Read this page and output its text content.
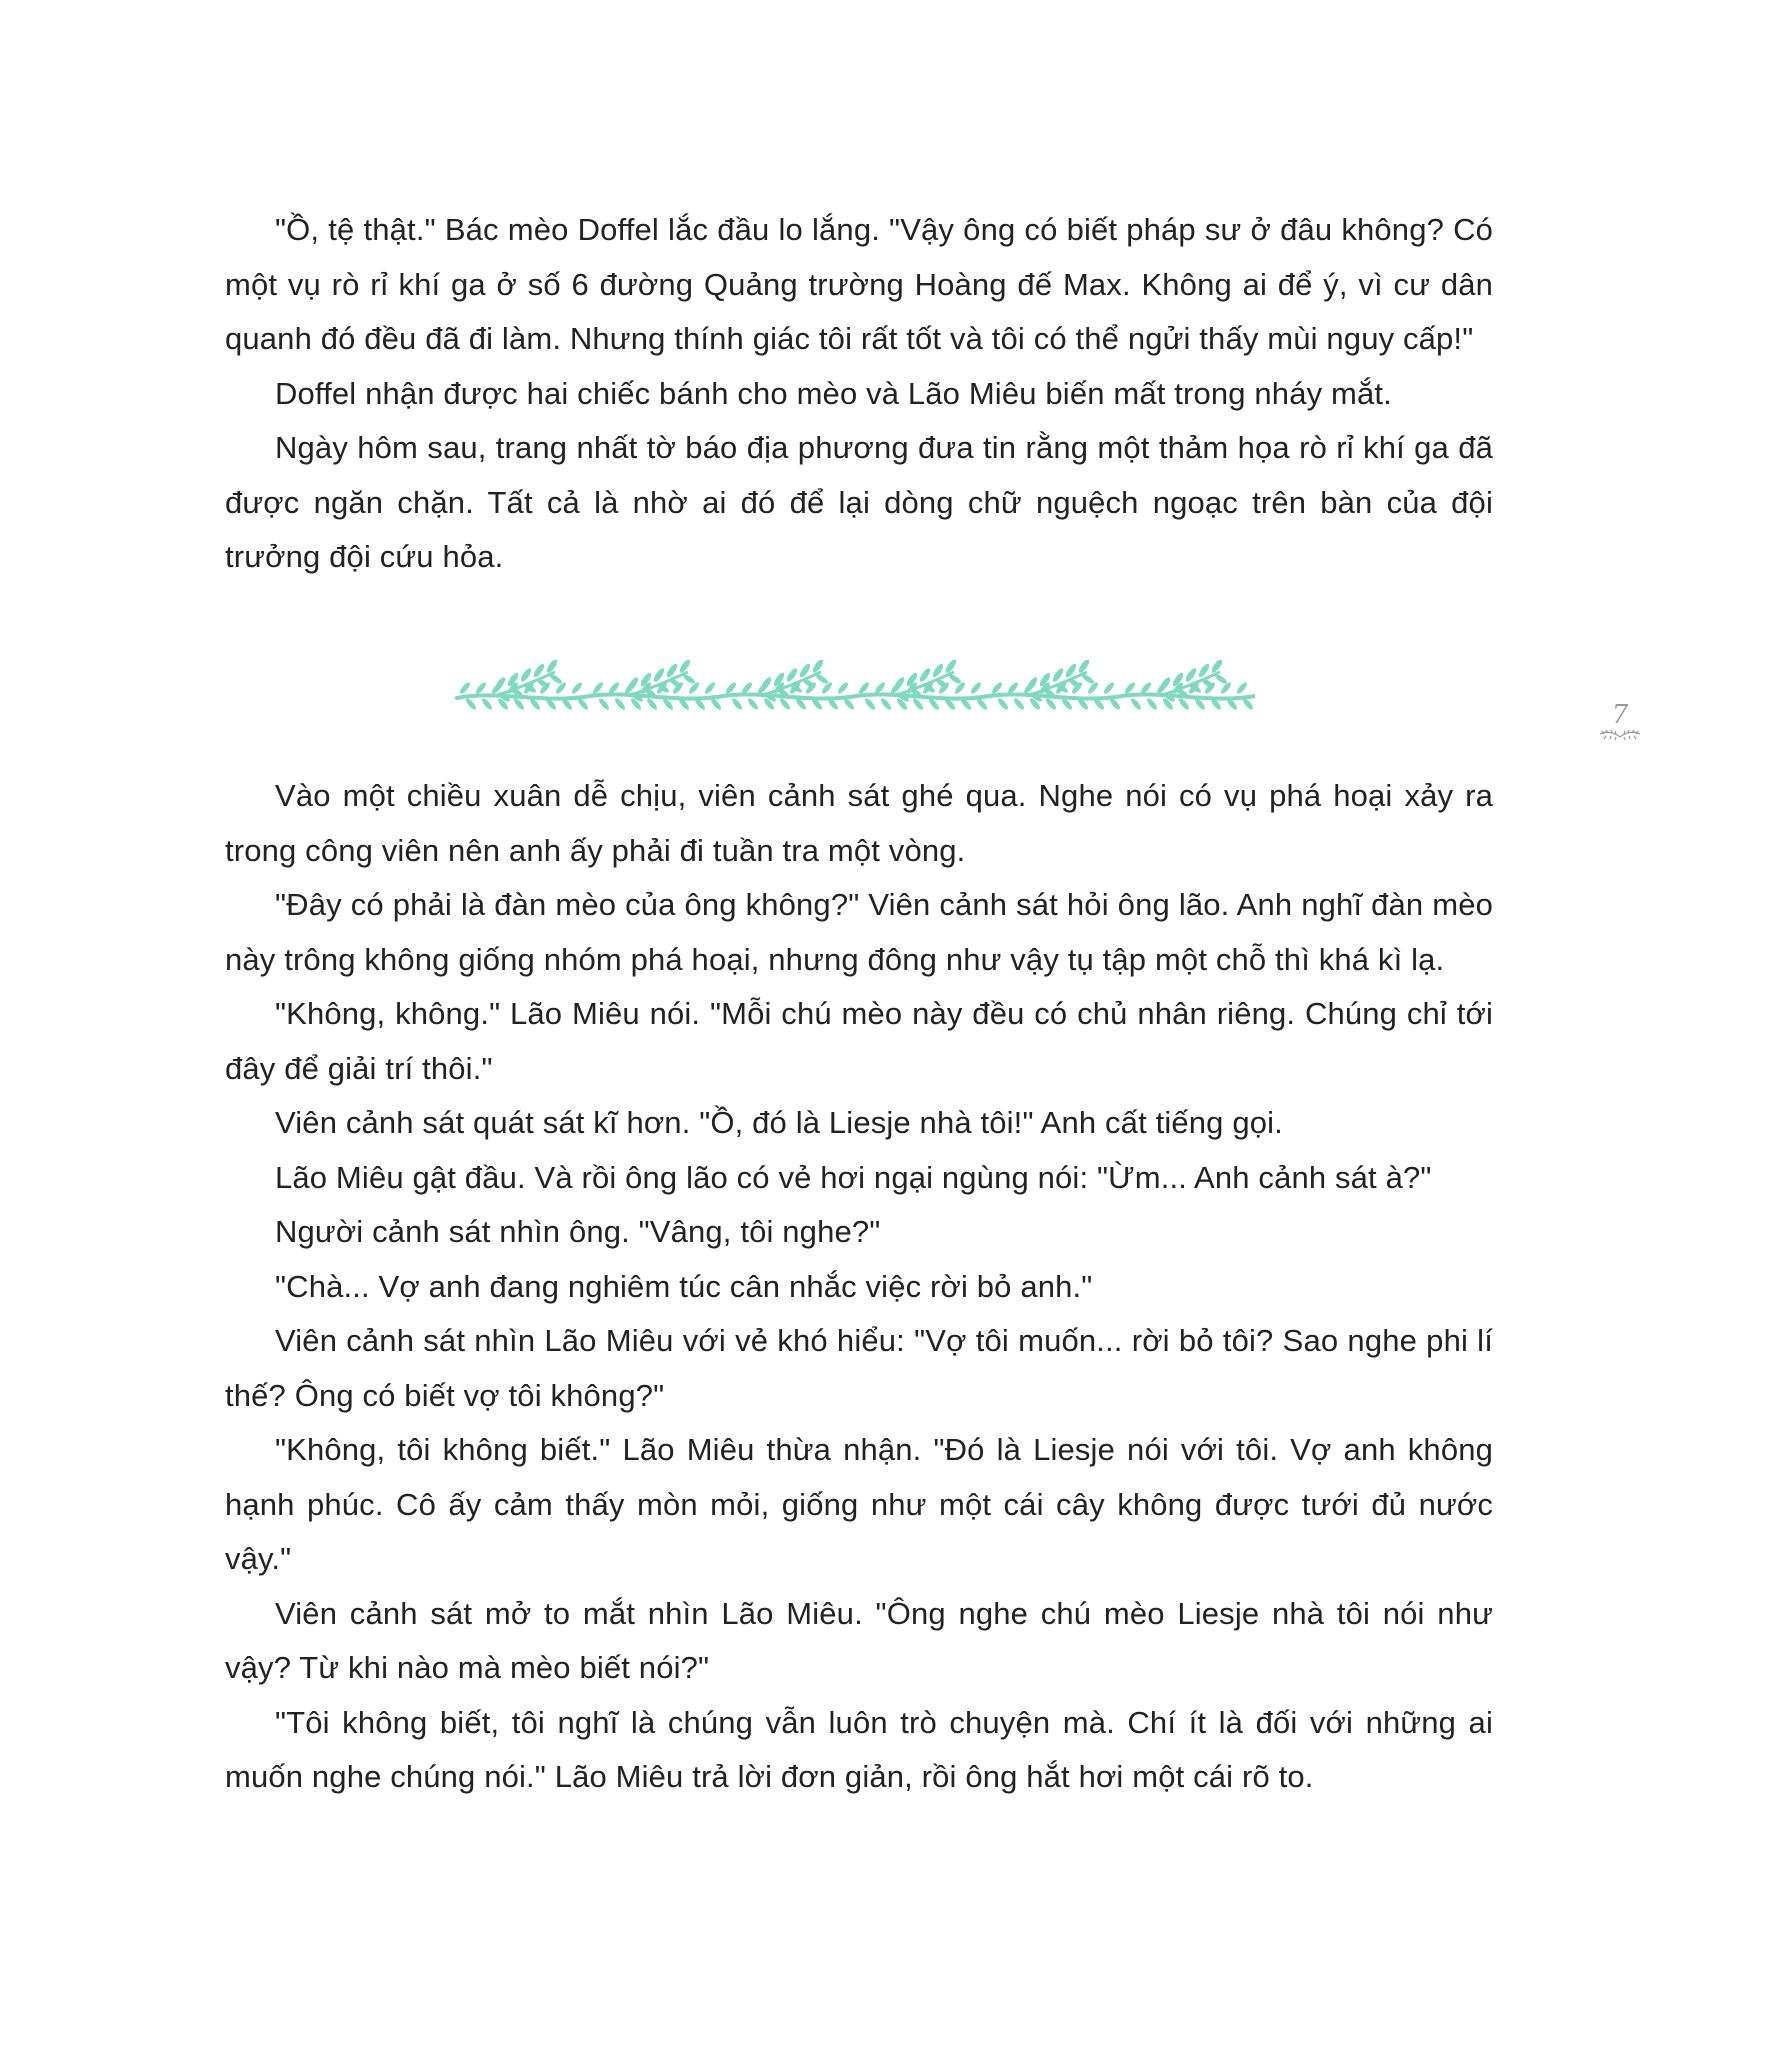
"Ồ, tệ thật." Bác mèo Doffel lắc đầu lo lắng. "Vậy ông có biết pháp sư ở đâu không? Có một vụ rò rỉ khí ga ở số 6 đường Quảng trường Hoàng đế Max. Không ai để ý, vì cư dân quanh đó đều đã đi làm. Nhưng thính giác tôi rất tốt và tôi có thể ngửi thấy mùi nguy cấp!"

Doffel nhận được hai chiếc bánh cho mèo và Lão Miêu biến mất trong nháy mắt.

Ngày hôm sau, trang nhất tờ báo địa phương đưa tin rằng một thảm họa rò rỉ khí ga đã được ngăn chặn. Tất cả là nhờ ai đó để lại dòng chữ nguệch ngoạc trên bàn của đội trưởng đội cứu hỏa.

7

Vào một chiều xuân dễ chịu, viên cảnh sát ghé qua. Nghe nói có vụ phá hoại xảy ra trong công viên nên anh ấy phải đi tuần tra một vòng.

"Đây có phải là đàn mèo của ông không?" Viên cảnh sát hỏi ông lão. Anh nghĩ đàn mèo này trông không giống nhóm phá hoại, nhưng đông như vậy tụ tập một chỗ thì khá kì lạ.

"Không, không." Lão Miêu nói. "Mỗi chú mèo này đều có chủ nhân riêng. Chúng chỉ tới đây để giải trí thôi."

Viên cảnh sát quát sát kĩ hơn. "Ồ, đó là Liesje nhà tôi!" Anh cất tiếng gọi.

Lão Miêu gật đầu. Và rồi ông lão có vẻ hơi ngại ngùng nói: "Ừm... Anh cảnh sát à?"

Người cảnh sát nhìn ông. "Vâng, tôi nghe?"

"Chà... Vợ anh đang nghiêm túc cân nhắc việc rời bỏ anh."

Viên cảnh sát nhìn Lão Miêu với vẻ khó hiểu: "Vợ tôi muốn... rời bỏ tôi? Sao nghe phi lí thế? Ông có biết vợ tôi không?"

"Không, tôi không biết." Lão Miêu thừa nhận. "Đó là Liesje nói với tôi. Vợ anh không hạnh phúc. Cô ấy cảm thấy mòn mỏi, giống như một cái cây không được tưới đủ nước vậy."

Viên cảnh sát mở to mắt nhìn Lão Miêu. "Ông nghe chú mèo Liesje nhà tôi nói như vậy? Từ khi nào mà mèo biết nói?"

"Tôi không biết, tôi nghĩ là chúng vẫn luôn trò chuyện mà. Chí ít là đối với những ai muốn nghe chúng nói." Lão Miêu trả lời đơn giản, rồi ông hắt hơi một cái rõ to.
